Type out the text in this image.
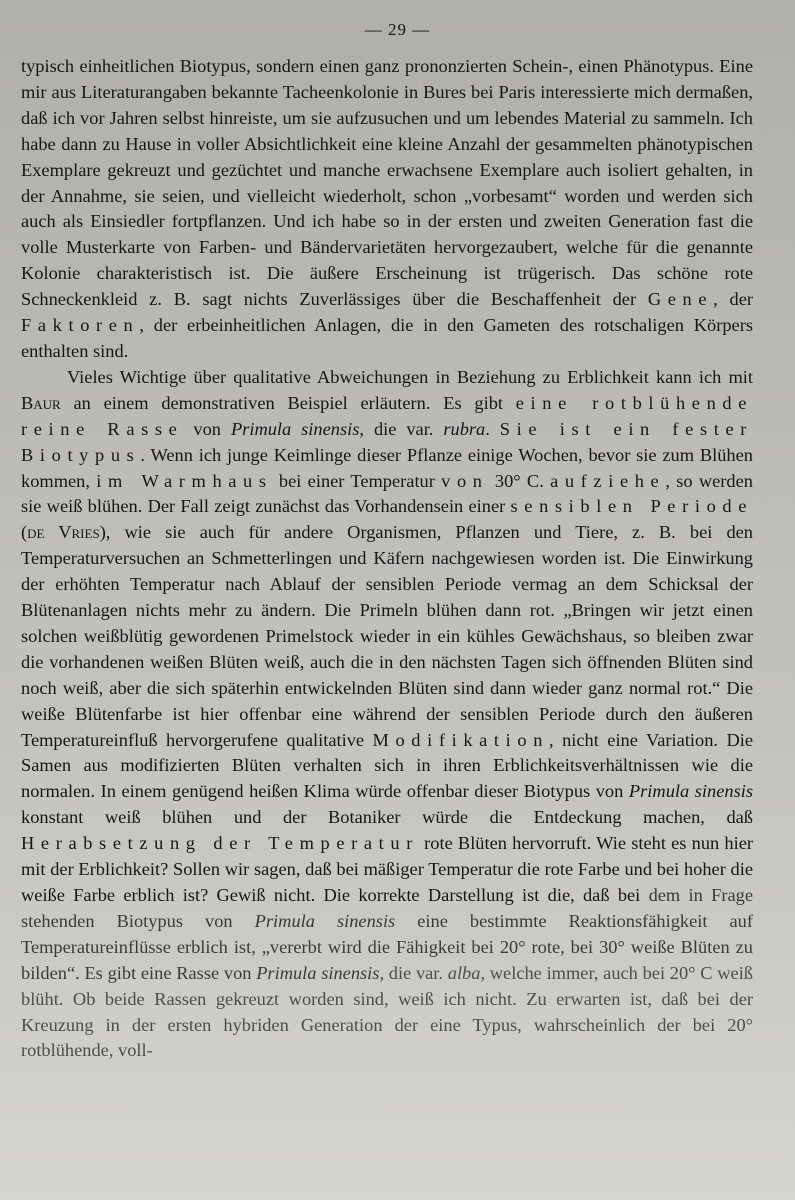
— 29 —
typisch einheitlichen Biotypus, sondern einen ganz prononzierten Schein-, einen Phänotypus. Eine mir aus Literaturangaben bekannte Tacheenkolonie in Bures bei Paris interessierte mich dermaßen, daß ich vor Jahren selbst hinreiste, um sie aufzusuchen und um lebendes Material zu sammeln. Ich habe dann zu Hause in voller Absichtlichkeit eine kleine Anzahl der gesammelten phänotypischen Exemplare gekreuzt und gezüchtet und manche erwachsene Exemplare auch isoliert gehalten, in der Annahme, sie seien, und vielleicht wiederholt, schon „vorbesamt“ worden und werden sich auch als Einsiedler fortpflanzen. Und ich habe so in der ersten und zweiten Generation fast die volle Musterkarte von Farben- und Bändervarietäten hervorgezaubert, welche für die genannte Kolonie charakteristisch ist. Die äußere Erscheinung ist trügerisch. Das schöne rote Schneckenkleid z. B. sagt nichts Zuverlässiges über die Beschaffenheit der Gene, der Faktoren, der erbeinheitlichen Anlagen, die in den Gameten des rotschaligen Körpers enthalten sind.
Vieles Wichtige über qualitative Abweichungen in Beziehung zu Erblichkeit kann ich mit Baur an einem demonstrativen Beispiel erläutern. Es gibt eine rotblühende reine Rasse von Primula sinensis, die var. rubra. Sie ist ein fester Biotypus. Wenn ich junge Keimlinge dieser Pflanze einige Wochen, bevor sie zum Blühen kommen, im Warmhaus bei einer Temperatur von 30° C. aufziehe, so werden sie weiß blühen. Der Fall zeigt zunächst das Vorhandensein einer sensiblen Periode (de Vries), wie sie auch für andere Organismen, Pflanzen und Tiere, z. B. bei den Temperaturversuchen an Schmetterlingen und Käfern nachgewiesen worden ist. Die Einwirkung der erhöhten Temperatur nach Ablauf der sensiblen Periode vermag an dem Schicksal der Blütenanlagen nichts mehr zu ändern. Die Primeln blühen dann rot. „Bringen wir jetzt einen solchen weißblütig gewordenen Primelstock wieder in ein kühles Gewächshaus, so bleiben zwar die vorhandenen weißen Blüten weiß, auch die in den nächsten Tagen sich öffnenden Blüten sind noch weiß, aber die sich späterhin entwickelnden Blüten sind dann wieder ganz normal rot.“ Die weiße Blütenfarbe ist hier offenbar eine während der sensiblen Periode durch den äußeren Temperatureinfluß hervorgerufene qualitative Modifikation, nicht eine Variation. Die Samen aus modifizierten Blüten verhalten sich in ihren Erblichkeitsverhältnissen wie die normalen. In einem genügend heißen Klima würde offenbar dieser Biotypus von Primula sinensis konstant weiß blühen und der Botaniker würde die Entdeckung machen, daß Herabsetzung der Temperatur rote Blüten hervorruft. Wie steht es nun hier mit der Erblichkeit? Sollen wir sagen, daß bei mäßiger Temperatur die rote Farbe und bei hoher die weiße Farbe erblich ist? Gewiß nicht. Die korrekte Darstellung ist die, daß bei dem in Frage stehenden Biotypus von Primula sinensis eine bestimmte Reaktionsfähigkeit auf Temperatureinflüsse erblich ist, „vererbt wird die Fähigkeit bei 20° rote, bei 30° weiße Blüten zu bilden“. Es gibt eine Rasse von Primula sinensis, die var. alba, welche immer, auch bei 20° C weiß blüht. Ob beide Rassen gekreuzt worden sind, weiß ich nicht. Zu erwarten ist, daß bei der Kreuzung in der ersten hybriden Generation der eine Typus, wahrscheinlich der bei 20° rotblühende, voll-
